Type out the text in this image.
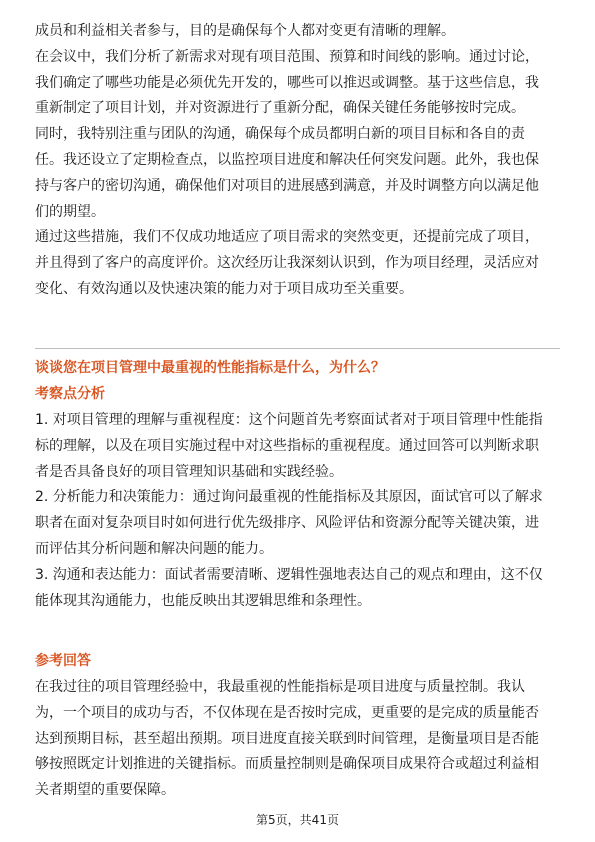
成员和利益相关者参与，目的是确保每个人都对变更有清晰的理解。
在会议中，我们分析了新需求对现有项目范围、预算和时间线的影响。通过讨论，
我们确定了哪些功能是必须优先开发的，哪些可以推迟或调整。基于这些信息，我
重新制定了项目计划，并对资源进行了重新分配，确保关键任务能够按时完成。
同时，我特别注重与团队的沟通，确保每个成员都明白新的项目目标和各自的责
任。我还设立了定期检查点，以监控项目进度和解决任何突发问题。此外，我也保
持与客户的密切沟通，确保他们对项目的进展感到满意，并及时调整方向以满足他
们的期望。
通过这些措施，我们不仅成功地适应了项目需求的突然变更，还提前完成了项目，
并且得到了客户的高度评价。这次经历让我深刻认识到，作为项目经理，灵活应对
变化、有效沟通以及快速决策的能力对于项目成功至关重要。
谈谈您在项目管理中最重视的性能指标是什么，为什么？
考察点分析
1. 对项目管理的理解与重视程度：这个问题首先考察面试者对于项目管理中性能指
标的理解，以及在项目实施过程中对这些指标的重视程度。通过回答可以判断求职
者是否具备良好的项目管理知识基础和实践经验。
2. 分析能力和决策能力：通过询问最重视的性能指标及其原因，面试官可以了解求
职者在面对复杂项目时如何进行优先级排序、风险评估和资源分配等关键决策，进
而评估其分析问题和解决问题的能力。
3. 沟通和表达能力：面试者需要清晰、逻辑性强地表达自己的观点和理由，这不仅
能体现其沟通能力，也能反映出其逻辑思维和条理性。
参考回答
在我过往的项目管理经验中，我最重视的性能指标是项目进度与质量控制。我认
为，一个项目的成功与否，不仅体现在是否按时完成，更重要的是完成的质量能否
达到预期目标，甚至超出预期。项目进度直接关联到时间管理，是衡量项目是否能
够按照既定计划推进的关键指标。而质量控制则是确保项目成果符合或超过利益相
关者期望的重要保障。
第5页，共41页
